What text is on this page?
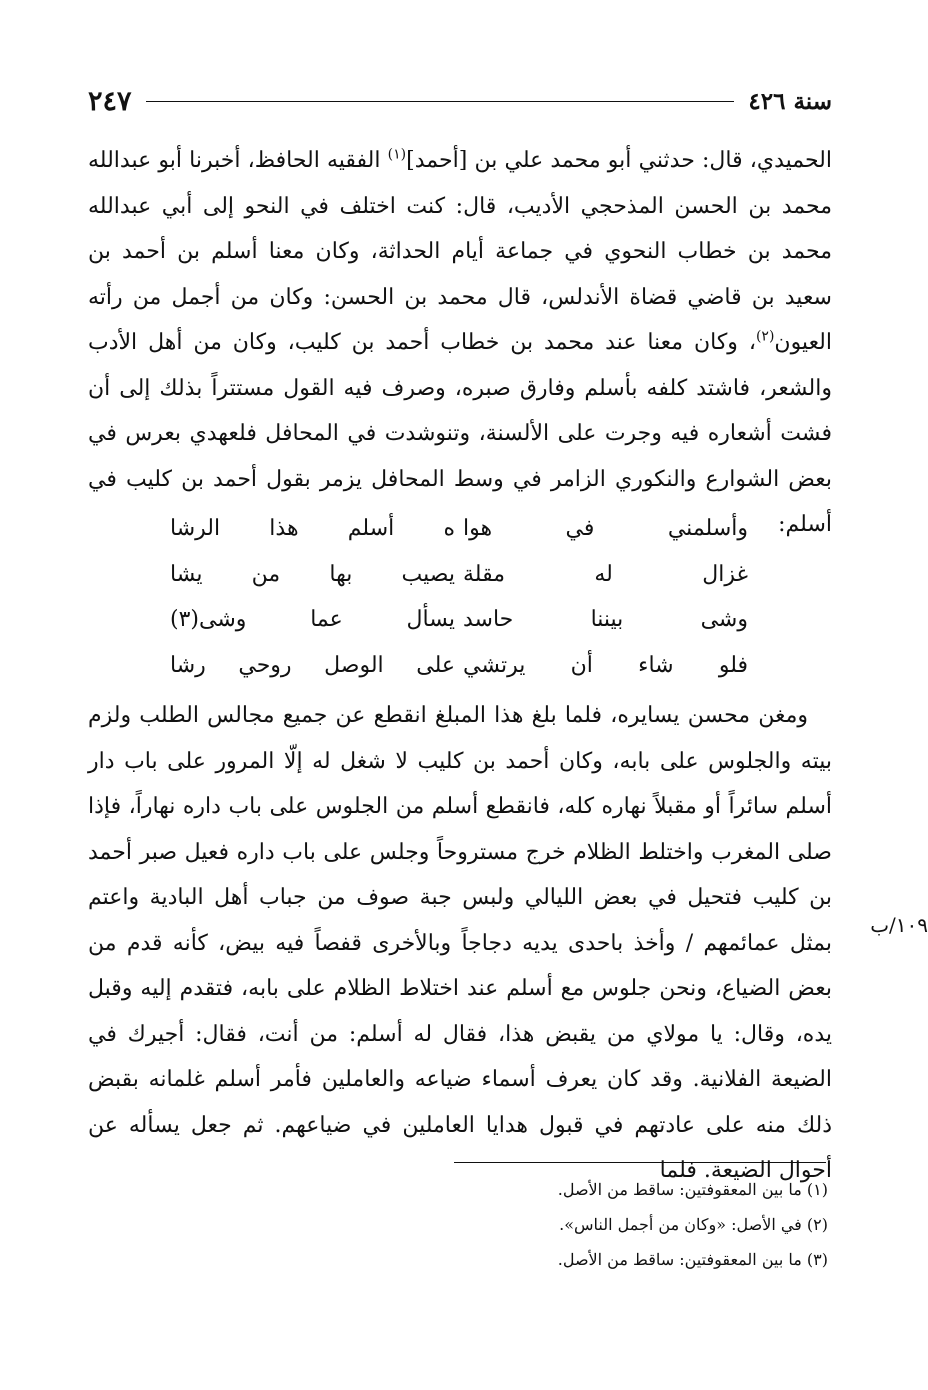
سنة ٤٢٦
٢٤٧

الحميدي، قال: حدثني أبو محمد علي بن [أحمد]$^{(١)}$ الفقيه الحافظ، أخبرنا أبو عبدالله محمد بن الحسن المذحجي الأديب، قال: كنت اختلف في النحو إلى أبي عبدالله محمد بن خطاب النحوي في جماعة أيام الحداثة، وكان معنا أسلم بن أحمد بن سعيد بن قاضي قضاة الأندلس، قال محمد بن الحسن: وكان من أجمل من رأته العيون$^{(٢)}$، وكان معنا عند محمد بن خطاب أحمد بن كليب، وكان من أهل الأدب والشعر، فاشتد كلفه بأسلم وفارق صبره، وصرف فيه القول مستتراً بذلك إلى أن فشت أشعاره فيه وجرت على الألسنة، وتنوشدت في المحافل فلعهدي بعرس في بعض الشوارع والنكوري الزامر في وسط المحافل يزمر بقول أحمد بن كليب في أسلم:

وأسلمني في هوا
ه أسلم هذا الرشا
غزال له مقلة
يصيب بها من يشا
وشى بيننا حاسد
يسأل عما وشى(٣)
فلو شاء أن يرتشي
على الوصل روحي رشا

ومغن محسن يسايره، فلما بلغ هذا المبلغ انقطع عن جميع مجالس الطلب ولزم بيته والجلوس على بابه، وكان أحمد بن كليب لا شغل له إلّا المرور على باب دار أسلم سائراً أو مقبلاً نهاره كله، فانقطع أسلم من الجلوس على باب داره نهاراً، فإذا صلى المغرب واختلط الظلام خرج مستروحاً وجلس على باب داره فعيل صبر أحمد بن كليب فتحيل في بعض الليالي ولبس جبة صوف من جباب أهل البادية واعتم بمثل عمائمهم / وأخذ باحدى يديه دجاجاً وبالأخرى قفصاً فيه بيض، كأنه قدم من بعض الضياع، ونحن جلوس مع أسلم عند اختلاط الظلام على بابه، فتقدم إليه وقبل يده، وقال: يا مولاي من يقبض هذا، فقال له أسلم: من أنت، فقال: أجيرك في الضيعة الفلانية. وقد كان يعرف أسماء ضياعه والعاملين فأمر أسلم غلمانه بقبض ذلك منه على عادتهم في قبول هدايا العاملين في ضياعهم. ثم جعل يسأله عن أحوال الضيعة. فلما

١٠٩/ب
(١) ما بين المعقوفتين: ساقط من الأصل.
(٢) في الأصل: «وكان من أجمل الناس».
(٣) ما بين المعقوفتين: ساقط من الأصل.
